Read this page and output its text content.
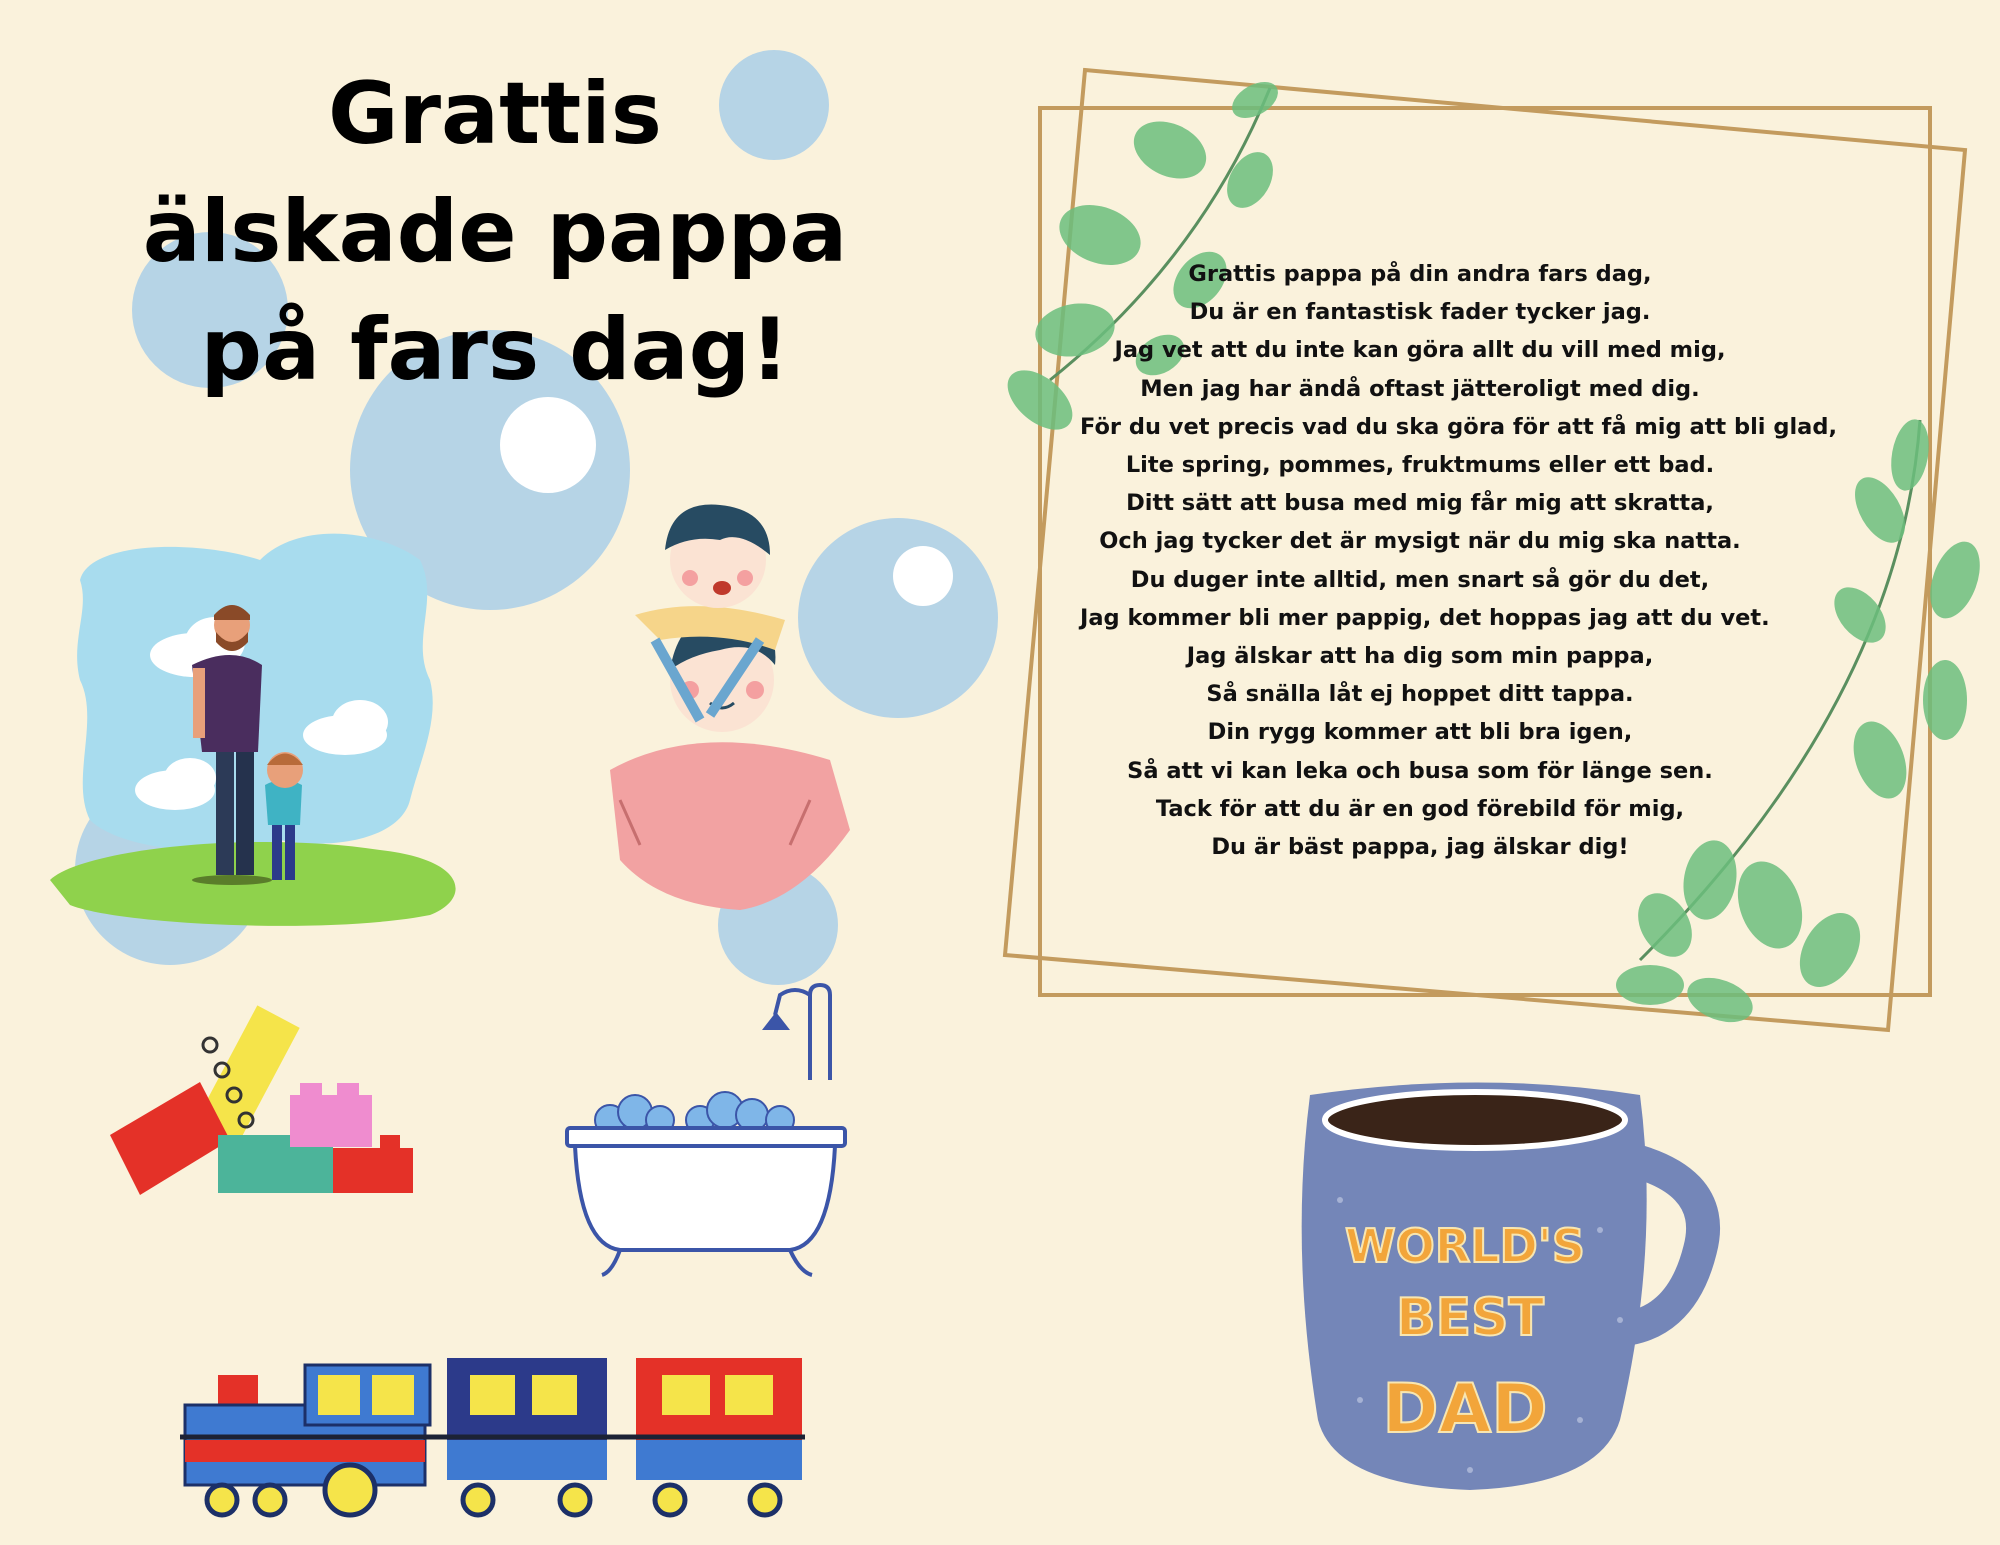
WORLD'S
BEST
DAD
Grattis
älskade pappa
på fars dag!
Grattis pappa på din andra fars dag,
Du är en fantastisk fader tycker jag.
Jag vet att du inte kan göra allt du vill med mig,
Men jag har ändå oftast jätteroligt med dig.
För du vet precis vad du ska göra för att få mig att bli glad,
Lite spring, pommes, fruktmums eller ett bad.
Ditt sätt att busa med mig får mig att skratta,
Och jag tycker det är mysigt när du mig ska natta.
Du duger inte alltid, men snart så gör du det,
Jag kommer bli mer pappig, det hoppas jag att du vet.
Jag älskar att ha dig som min pappa,
Så snälla låt ej hoppet ditt tappa.
Din rygg kommer att bli bra igen,
Så att vi kan leka och busa som för länge sen.
Tack för att du är en god förebild för mig,
Du är bäst pappa, jag älskar dig!
